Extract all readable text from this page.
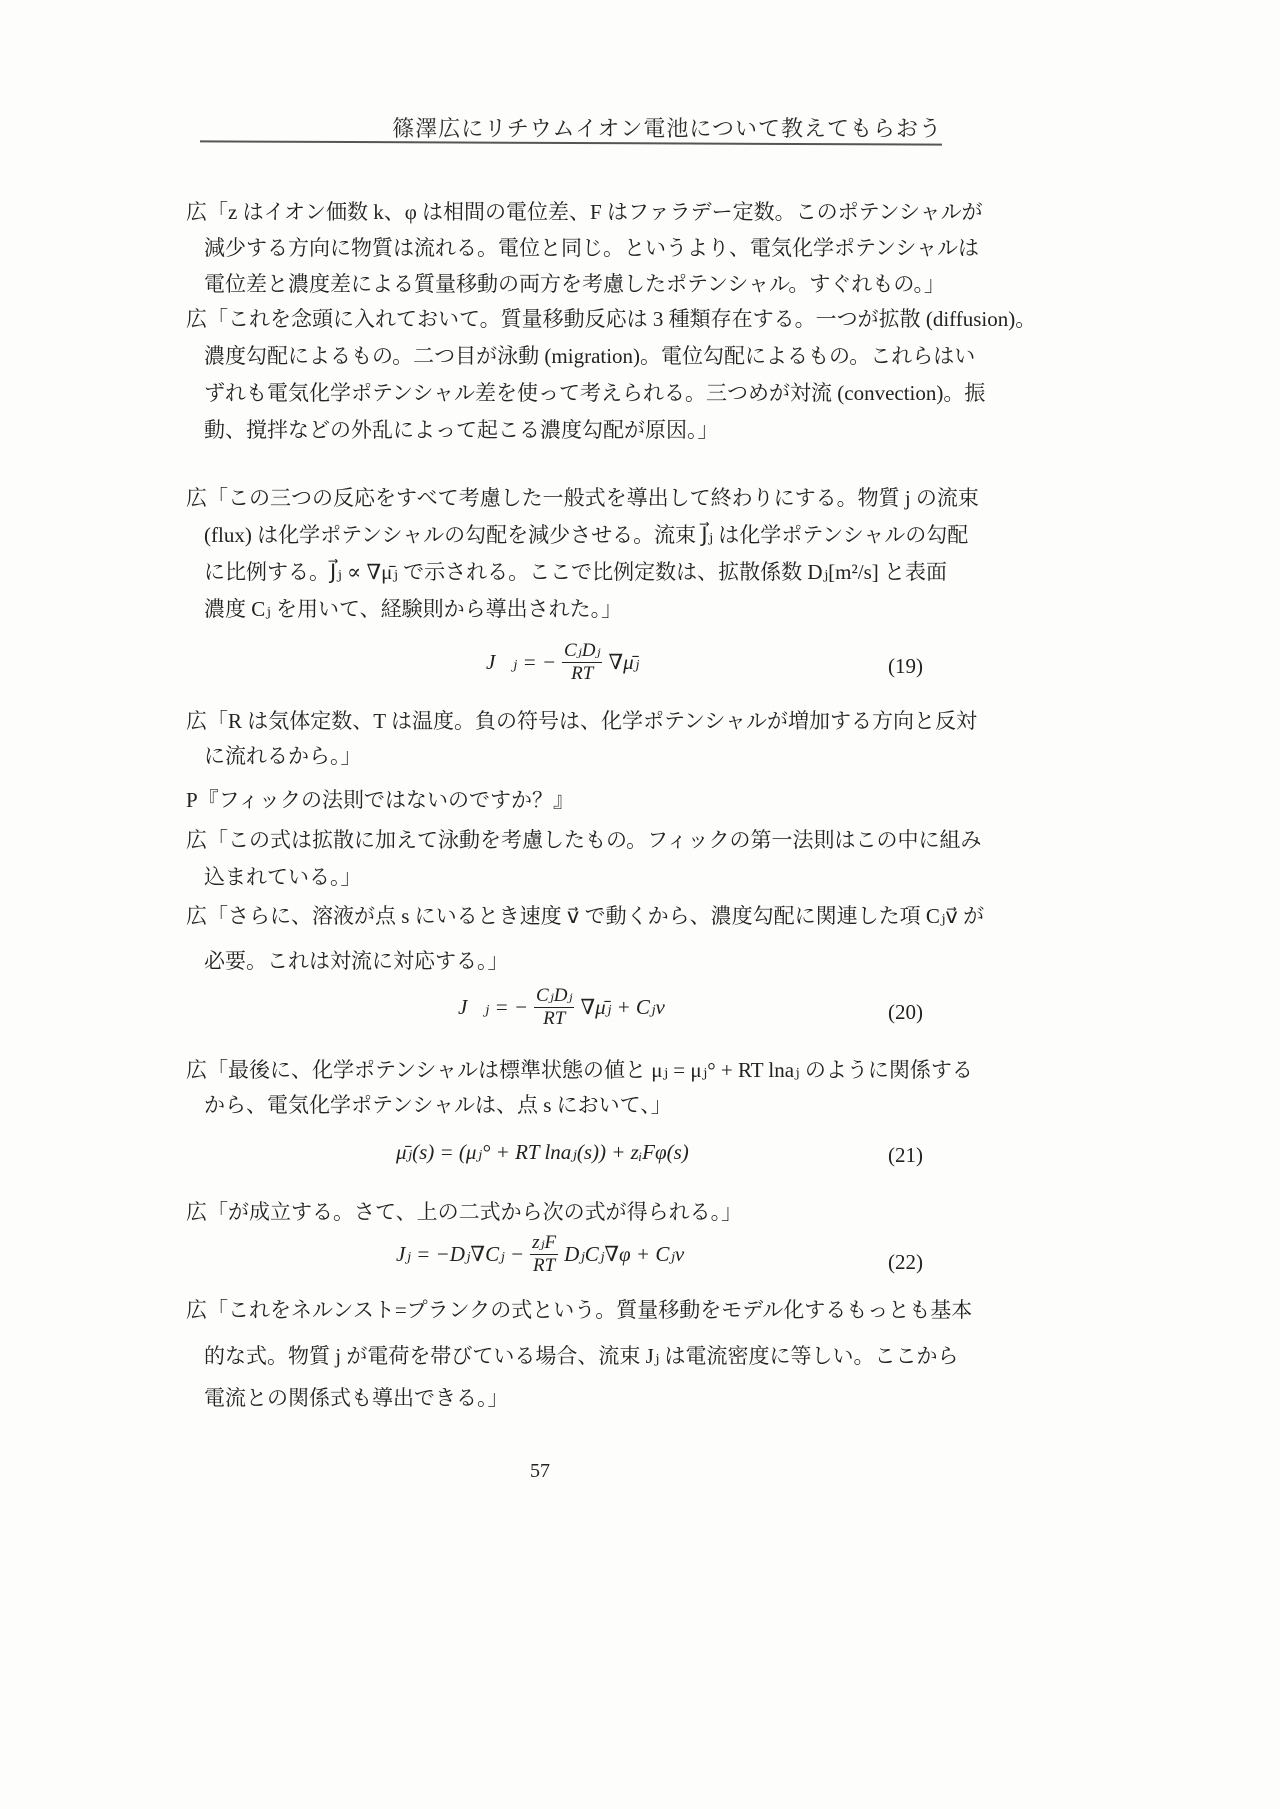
篠澤広にリチウムイオン電池について教えてもらおう
広「z はイオン価数 k、φ は相間の電位差、F はファラデー定数。このポテンシャルが
減少する方向に物質は流れる。電位と同じ。というより、電気化学ポテンシャルは
電位差と濃度差による質量移動の両方を考慮したポテンシャル。すぐれもの。」
広「これを念頭に入れておいて。質量移動反応は 3 種類存在する。一つが拡散 (diffusion)。
濃度勾配によるもの。二つ目が泳動 (migration)。電位勾配によるもの。これらはい
ずれも電気化学ポテンシャル差を使って考えられる。三つめが対流 (convection)。振
動、撹拌などの外乱によって起こる濃度勾配が原因。」
広「この三つの反応をすべて考慮した一般式を導出して終わりにする。物質 j の流束
(flux) は化学ポテンシャルの勾配を減少させる。流束 J⃗ⱼ は化学ポテンシャルの勾配
に比例する。J⃗ⱼ ∝ ∇μ̄ⱼ で示される。ここで比例定数は、拡散係数 Dⱼ[m²/s] と表面
濃度 Cⱼ を用いて、経験則から導出された。」
広「R は気体定数、T は温度。負の符号は、化学ポテンシャルが増加する方向と反対
に流れるから。」
P『フィックの法則ではないのですか？』
広「この式は拡散に加えて泳動を考慮したもの。フィックの第一法則はこの中に組み
込まれている。」
広「さらに、溶液が点 s にいるとき速度 v⃗ で動くから、濃度勾配に関連した項 Cⱼv⃗ が
必要。これは対流に対応する。」
広「最後に、化学ポテンシャルは標準状態の値と μⱼ = μⱼ° + RT lnaⱼ のように関係する
から、電気化学ポテンシャルは、点 s において、」
広「が成立する。さて、上の二式から次の式が得られる。」
広「これをネルンスト=プランクの式という。質量移動をモデル化するもっとも基本
的な式。物質 j が電荷を帯びている場合、流束 Jⱼ は電流密度に等しい。ここから
電流との関係式も導出できる。」
J⃗ⱼ = − $\frac{\text{CⱼDⱼ}}{RT}$ ∇μ̄ⱼ	(19)
J⃗ⱼ = − $\frac{\text{CⱼDⱼ}}{RT}$ ∇μ̄ⱼ + Cⱼv⃗	(20)
μ̄ⱼ(s) = (μⱼ° + RT lnaⱼ(s)) + zᵢFφ(s)	(21)
Jⱼ = −Dⱼ∇Cⱼ − $\frac{\text{zⱼF}}{RT}$ DⱼCⱼ∇φ + Cⱼv	(22)
57
